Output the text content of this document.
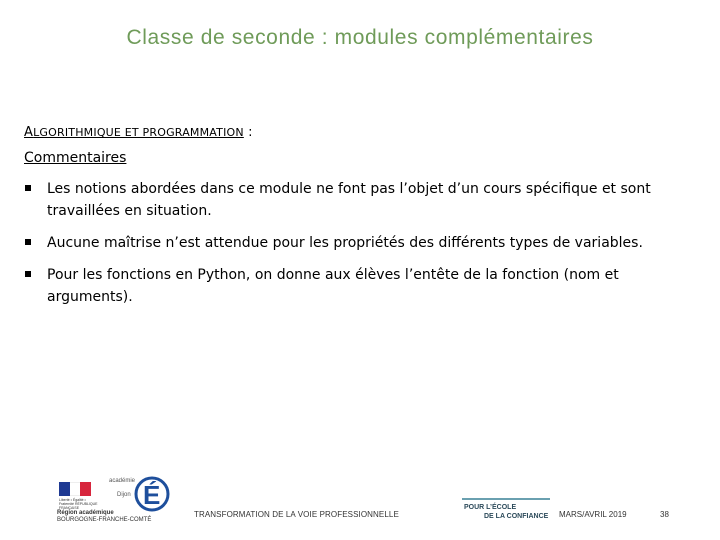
Classe de seconde : modules complémentaires
ALGORITHMIQUE ET PROGRAMMATION :
Commentaires
Les notions abordées dans ce module ne font pas l’objet d’un cours spécifique et sont travaillées en situation.
Aucune maîtrise n’est attendue pour les propriétés des différents types de variables.
Pour les fonctions en Python, on donne aux élèves l’entête de la fonction (nom et arguments).
Liberté • Égalité • Fraternité RÉPUBLIQUE FRANÇAISE
Région académique
BOURGOGNE-FRANCHE-COMTÉ
académie
Dijon É
TRANSFORMATION DE LA VOIE PROFESSIONNELLE
POUR L’ÉCOLE
DE LA CONFIANCE MARS/AVRIL 2019	38
